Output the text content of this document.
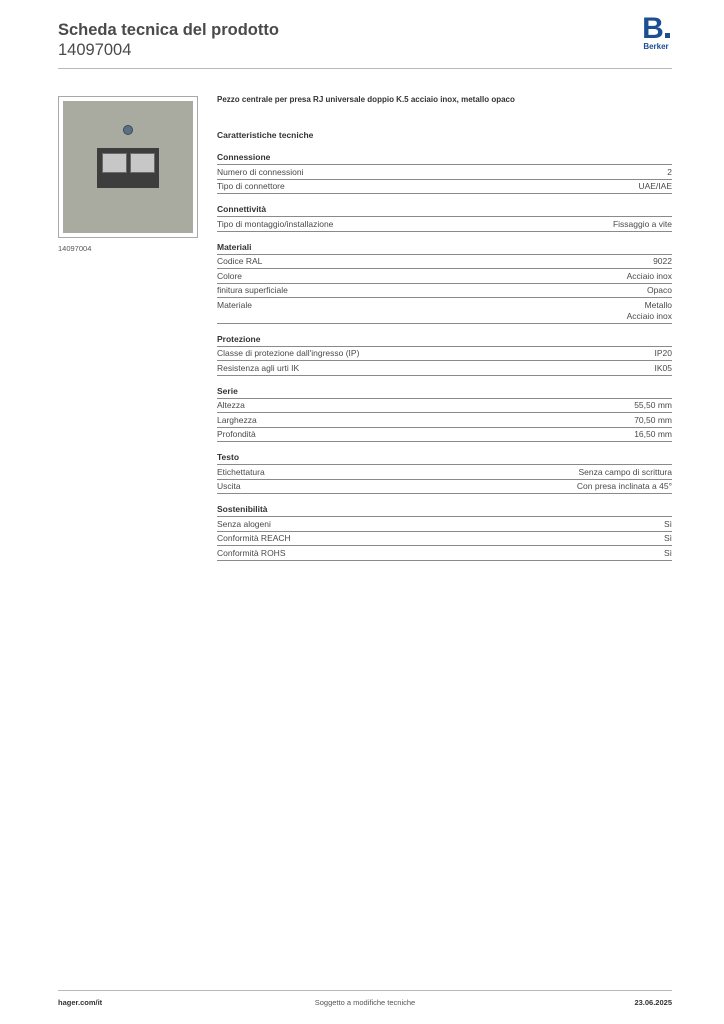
Scheda tecnica del prodotto
14097004
B
Berker
14097004
Pezzo centrale per presa RJ universale doppio K.5 acciaio inox, metallo opaco
Caratteristiche tecniche
Connessione
Numero di connessioni	2
Tipo di connettore	UAE/IAE
Connettività
Tipo di montaggio/installazione	Fissaggio a vite
Materiali
Codice RAL	9022
Colore	Acciaio inox
finitura superficiale	Opaco
Materiale	Metallo
Acciaio inox
Protezione
Classe di protezione dall'ingresso (IP)	IP20
Resistenza agli urti IK	IK05
Serie
Altezza	55,50 mm
Larghezza	70,50 mm
Profondità	16,50 mm
Testo
Etichettatura	Senza campo di scrittura
Uscita	Con presa inclinata a 45°
Sostenibilità
Senza alogeni	Sì
Conformità REACH	Sì
Conformità ROHS	Sì
hager.com/it	Soggetto a modifiche tecniche	23.06.2025
